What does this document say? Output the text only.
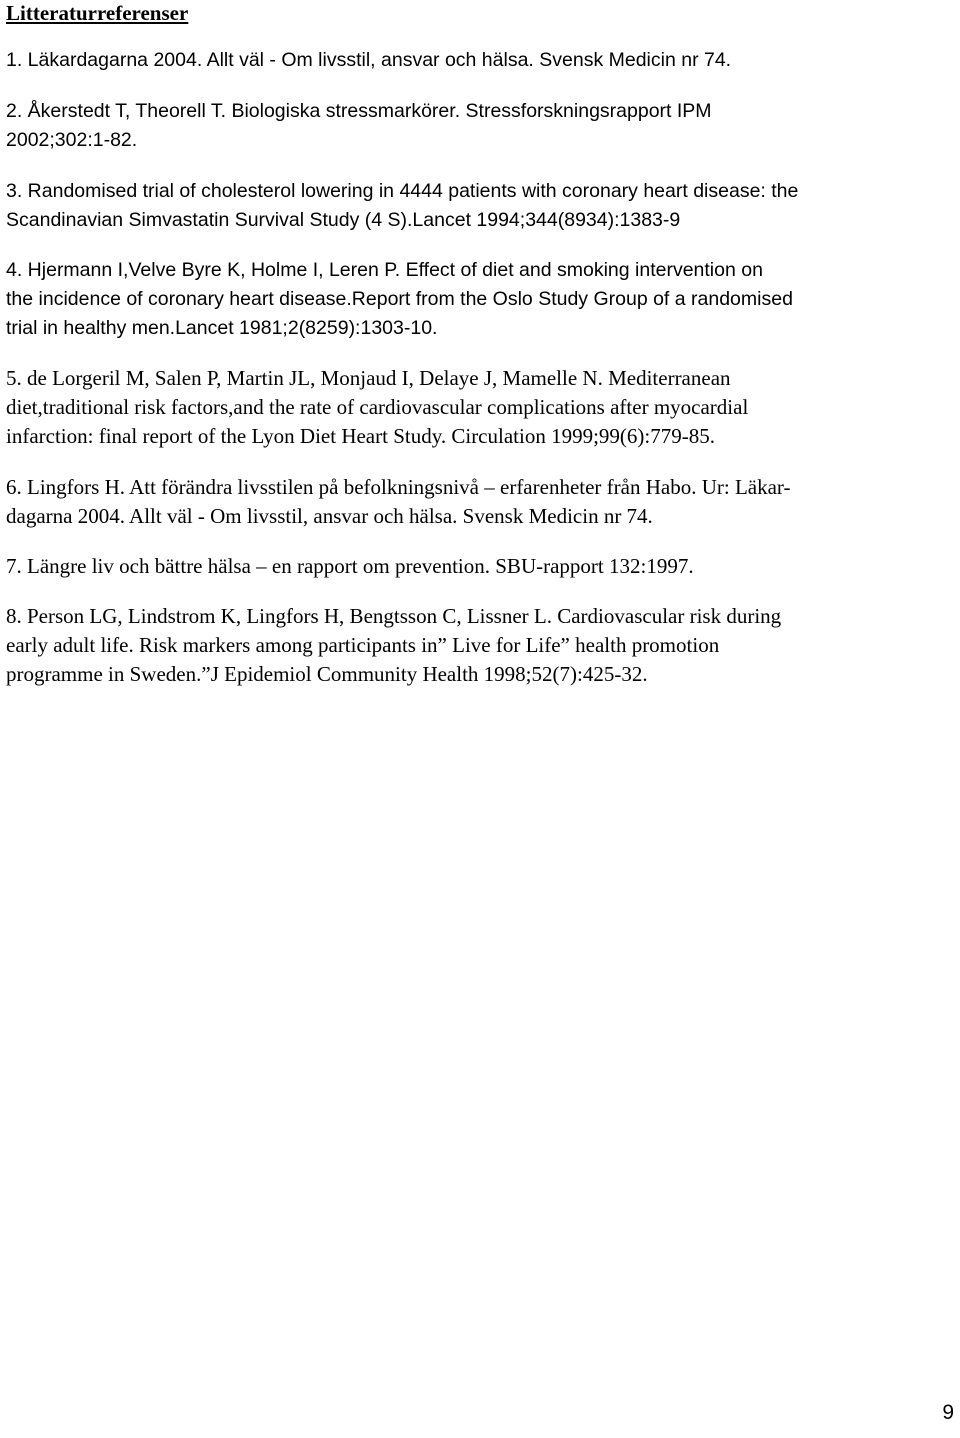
Litteraturreferenser
1. Läkardagarna 2004. Allt väl - Om livsstil, ansvar och hälsa. Svensk Medicin nr 74.
2. Åkerstedt T, Theorell T. Biologiska stressmarkörer. Stressforskningsrapport IPM
2002;302:1-82.
3. Randomised trial of cholesterol lowering in 4444 patients with coronary heart disease: the
Scandinavian Simvastatin Survival Study (4 S).Lancet 1994;344(8934):1383-9
4. Hjermann I,Velve Byre K, Holme I, Leren P. Effect of diet and smoking intervention on
the incidence of coronary heart disease.Report from the Oslo Study Group of a randomised
trial in healthy men.Lancet 1981;2(8259):1303-10.
5. de Lorgeril M, Salen P, Martin JL, Monjaud I, Delaye J, Mamelle N. Mediterranean
diet,traditional risk factors,and the rate of cardiovascular complications after myocardial
infarction: final report of the Lyon Diet Heart Study. Circulation 1999;99(6):779-85.
6. Lingfors H. Att förändra livsstilen på befolkningsnivå – erfarenheter från Habo. Ur: Läkar-
dagarna 2004. Allt väl - Om livsstil, ansvar och hälsa. Svensk Medicin nr 74.
7. Längre liv och bättre hälsa – en rapport om prevention. SBU-rapport 132:1997.
8. Person LG, Lindstrom K, Lingfors H, Bengtsson C, Lissner L. Cardiovascular risk during
early adult life. Risk markers among participants in” Live for Life” health promotion
programme in Sweden.”J Epidemiol Community Health 1998;52(7):425-32.
9
